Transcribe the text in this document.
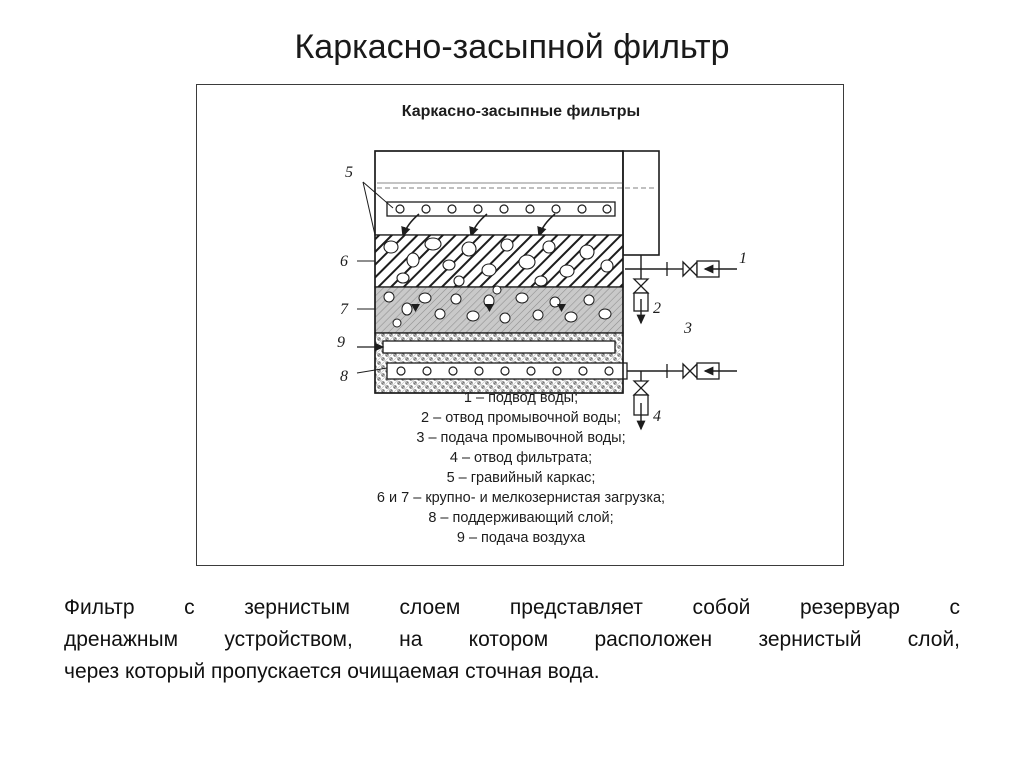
Каркасно-засыпной фильтр
Каркасно-засыпные фильтры
5
6
7
9
8
1
2
3
4
1 – подвод воды;
2 – отвод промывочной воды;
3 – подача промывочной воды;
4 – отвод фильтрата;
5 – гравийный каркас;
6 и 7 – крупно- и мелкозернистая загрузка;
8 – поддерживающий слой;
9 – подача воздуха
Фильтр с зернистым слоем представляет собой резервуар с
дренажным устройством, на котором расположен зернистый слой,
через который пропускается очищаемая сточная вода.
